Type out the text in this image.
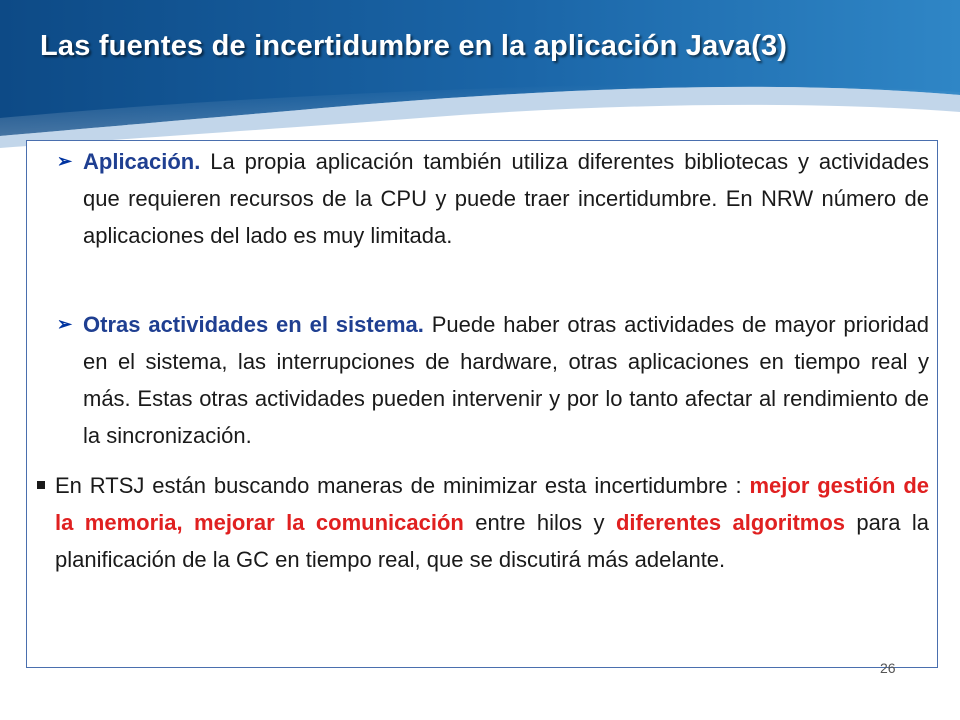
Las fuentes de incertidumbre en la aplicación Java(3)
➢ Aplicación. La propia aplicación también utiliza diferentes bibliotecas y actividades que requieren recursos de la CPU y puede traer incertidumbre. En NRW número de aplicaciones del lado es muy limitada.
➢ Otras actividades en el sistema. Puede haber otras actividades de mayor prioridad en el sistema, las interrupciones de hardware, otras aplicaciones en tiempo real y más. Estas otras actividades pueden intervenir y por lo tanto afectar al rendimiento de la sincronización.
En RTSJ están buscando maneras de minimizar esta incertidumbre : mejor gestión de la memoria, mejorar la comunicación entre hilos y diferentes algoritmos para la planificación de la GC en tiempo real, que se discutirá más adelante.
26
